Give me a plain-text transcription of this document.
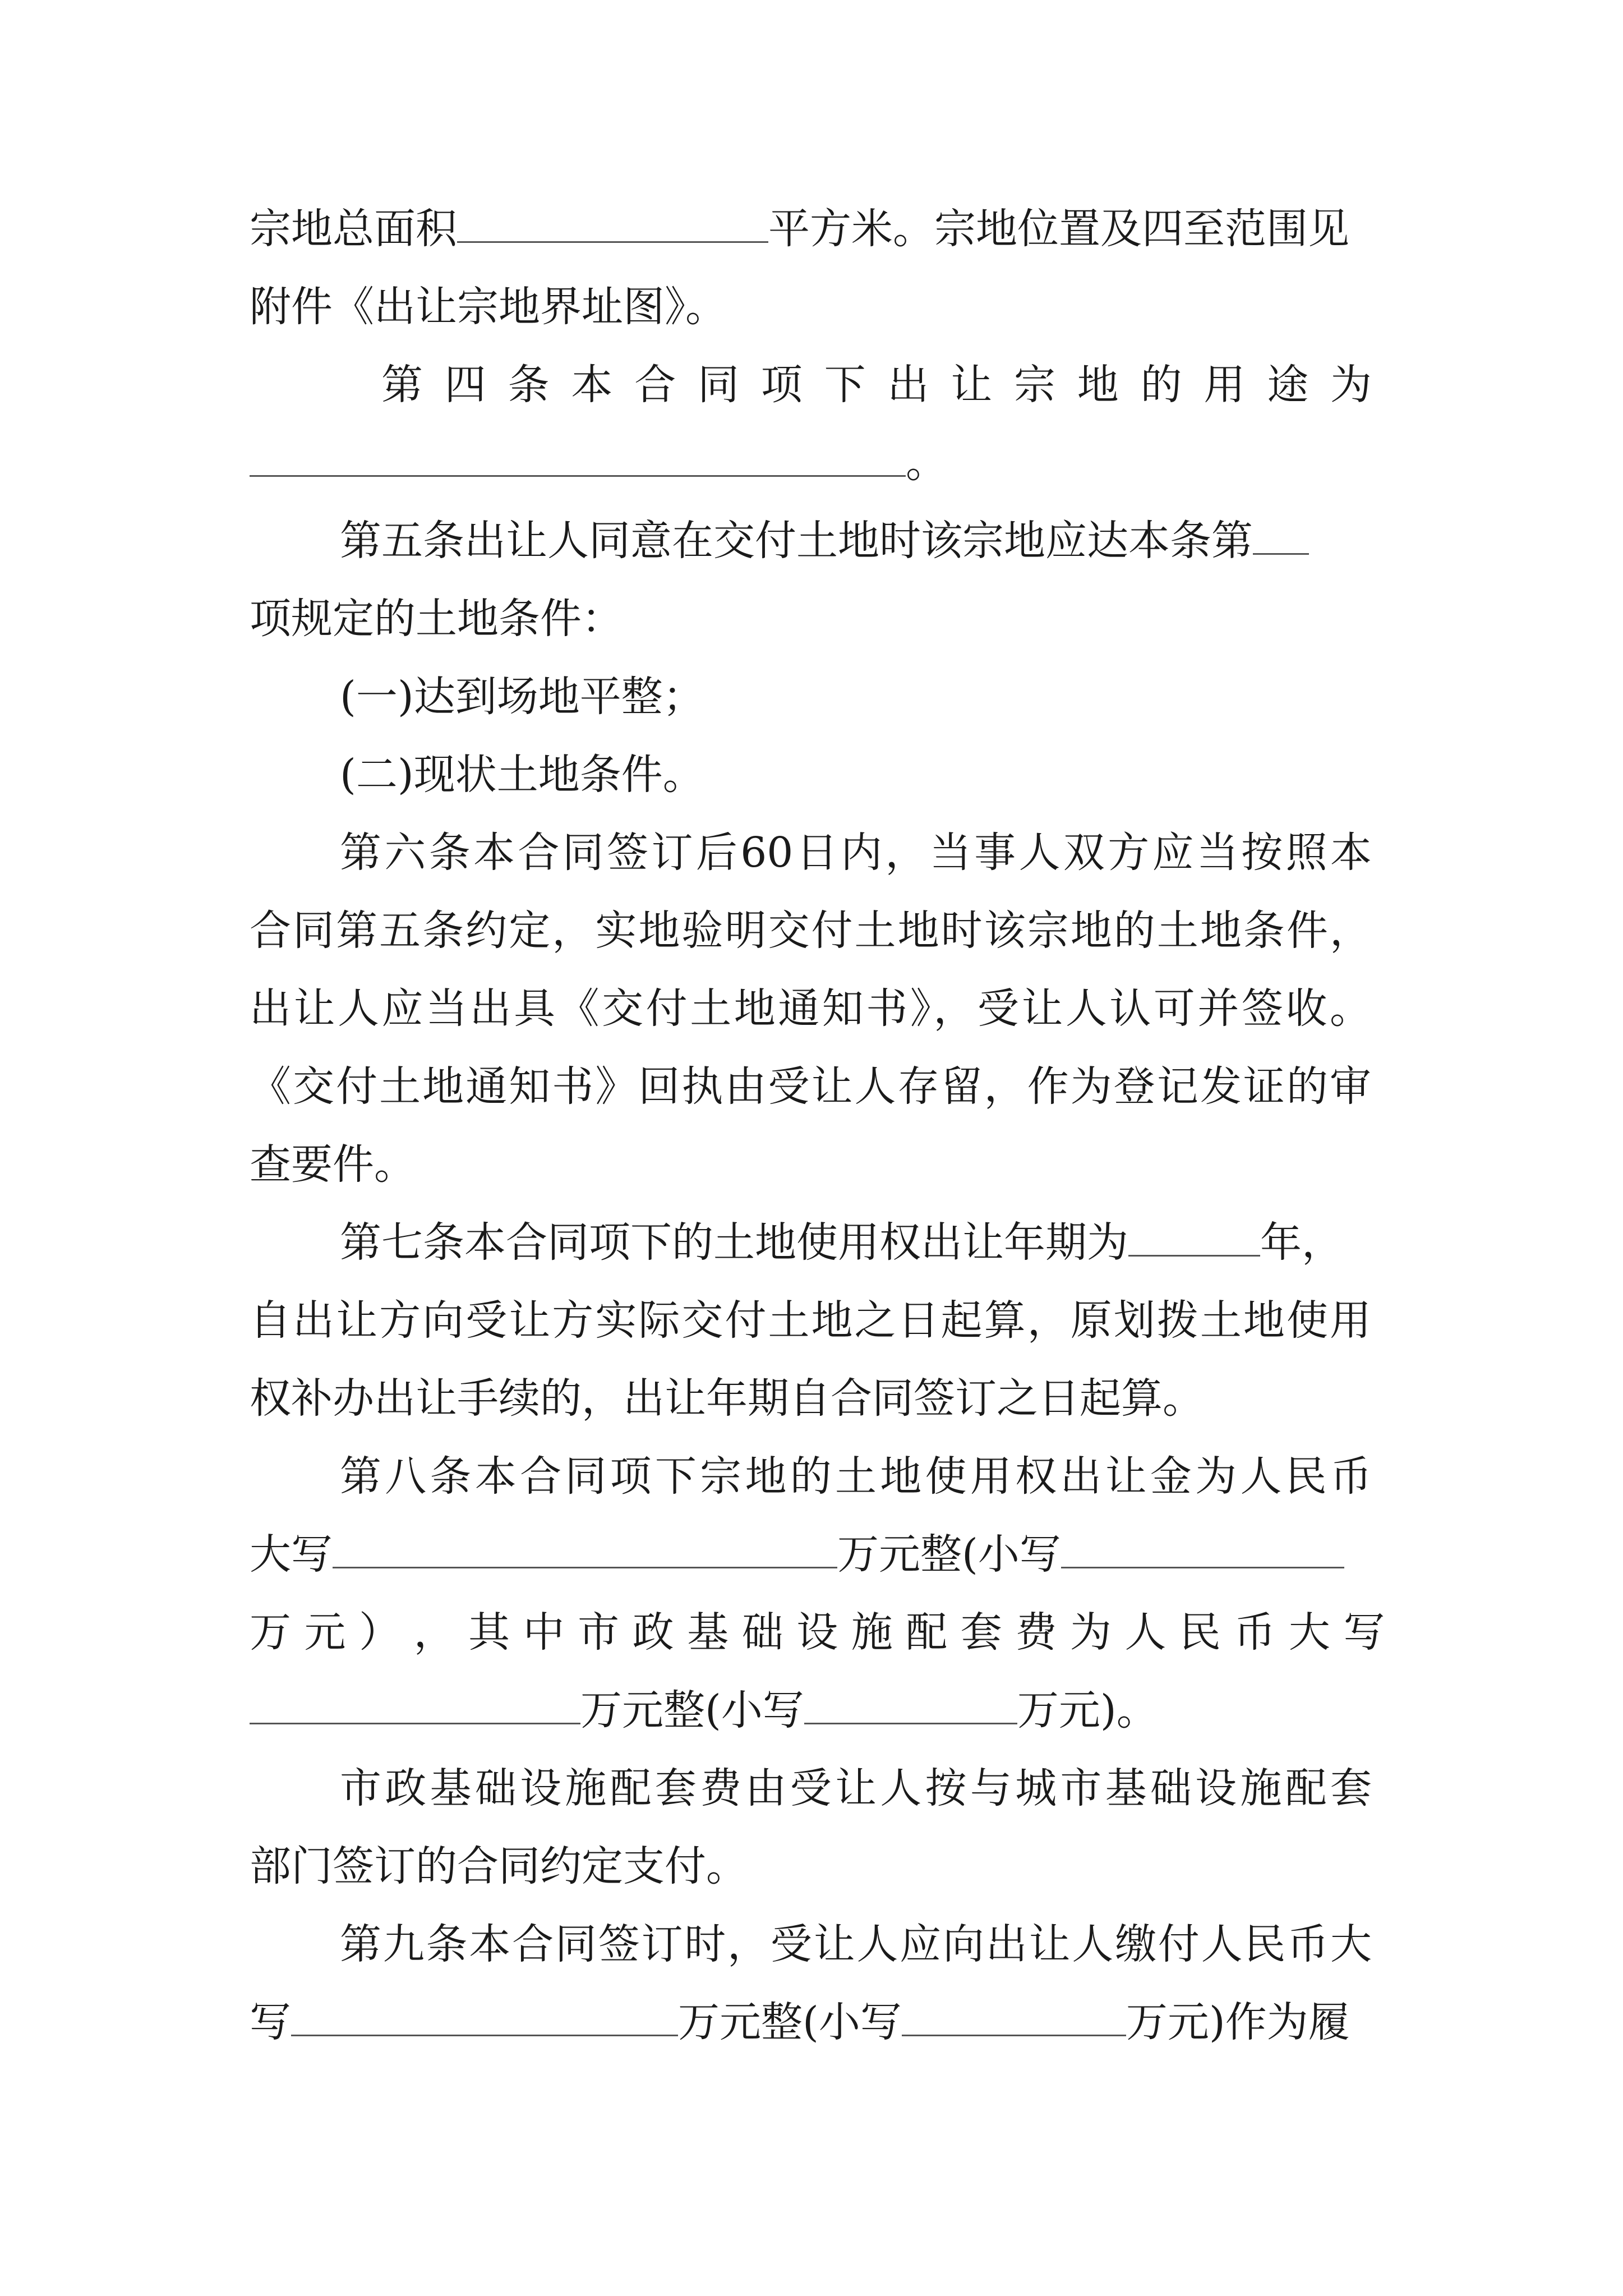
宗地总面积	平方米。宗地位置及四至范围见
附件《出让宗地界址图》。
第 四 条 本 合 同 项 下 出 让 宗 地 的 用 途 为
。
第五条出让人同意在交付土地时该宗地应达本条第
项规定的土地条件：
(一)达到场地平整；
(二)现状土地条件。
第六条本合同签订后60日内，当事人双方应当按照本
合同第五条约定，实地验明交付土地时该宗地的土地条件，
出让人应当出具《交付土地通知书》，受让人认可并签收。
《交付土地通知书》回执由受让人存留，作为登记发证的审
查要件。
第七条本合同项下的土地使用权出让年期为	年，
自出让方向受让方实际交付土地之日起算，原划拨土地使用
权补办出让手续的，出让年期自合同签订之日起算。
第八条本合同项下宗地的土地使用权出让金为人民币
大写	万元整(小写
万 元 ） ， 其 中 市 政 基 础 设 施 配 套 费 为 人 民 币 大 写
万元整(小写	万元)。
市政基础设施配套费由受让人按与城市基础设施配套
部门签订的合同约定支付。
第九条本合同签订时，受让人应向出让人缴付人民币大
写	万元整(小写	万元)作为履
